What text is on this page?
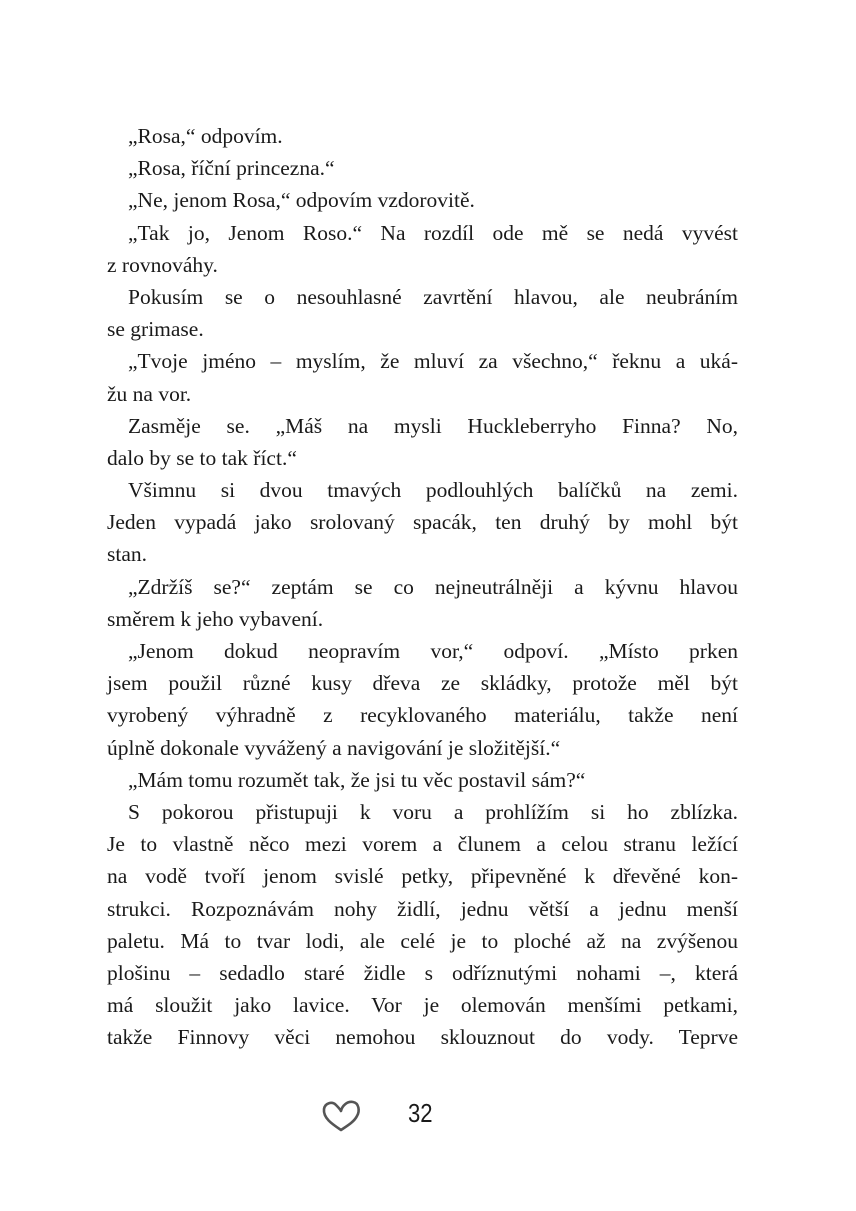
„Rosa,“ odpovím.
„Rosa, říční princezna.“
„Ne, jenom Rosa,“ odpovím vzdorovitě.
„Tak jo, Jenom Roso.“ Na rozdíl ode mě se nedá vyvést
z rovnováhy.
Pokusím se o nesouhlasné zavrtění hlavou, ale neubráním
se grimase.
„Tvoje jméno – myslím, že mluví za všechno,“ řeknu a uká-
žu na vor.
Zasměje se. „Máš na mysli Huckleberryho Finna? No,
dalo by se to tak říct.“
Všimnu si dvou tmavých podlouhlých balíčků na zemi.
Jeden vypadá jako srolovaný spacák, ten druhý by mohl být
stan.
„Zdržíš se?“ zeptám se co nejneutrálněji a kývnu hlavou
směrem k jeho vybavení.
„Jenom dokud neopravím vor,“ odpoví. „Místo prken
jsem použil různé kusy dřeva ze skládky, protože měl být
vyrobený výhradně z recyklovaného materiálu, takže není
úplně dokonale vyvážený a navigování je složitější.“
„Mám tomu rozumět tak, že jsi tu věc postavil sám?“
S pokorou přistupuji k voru a prohlížím si ho zblízka.
Je to vlastně něco mezi vorem a člunem a celou stranu ležící
na vodě tvoří jenom svislé petky, připevněné k dřevěné kon-
strukci. Rozpoznávám nohy židlí, jednu větší a jednu menší
paletu. Má to tvar lodi, ale celé je to ploché až na zvýšenou
plošinu – sedadlo staré židle s odříznutými nohami –, která
má sloužit jako lavice. Vor je olemován menšími petkami,
takže Finnovy věci nemohou sklouznout do vody. Teprve
32
